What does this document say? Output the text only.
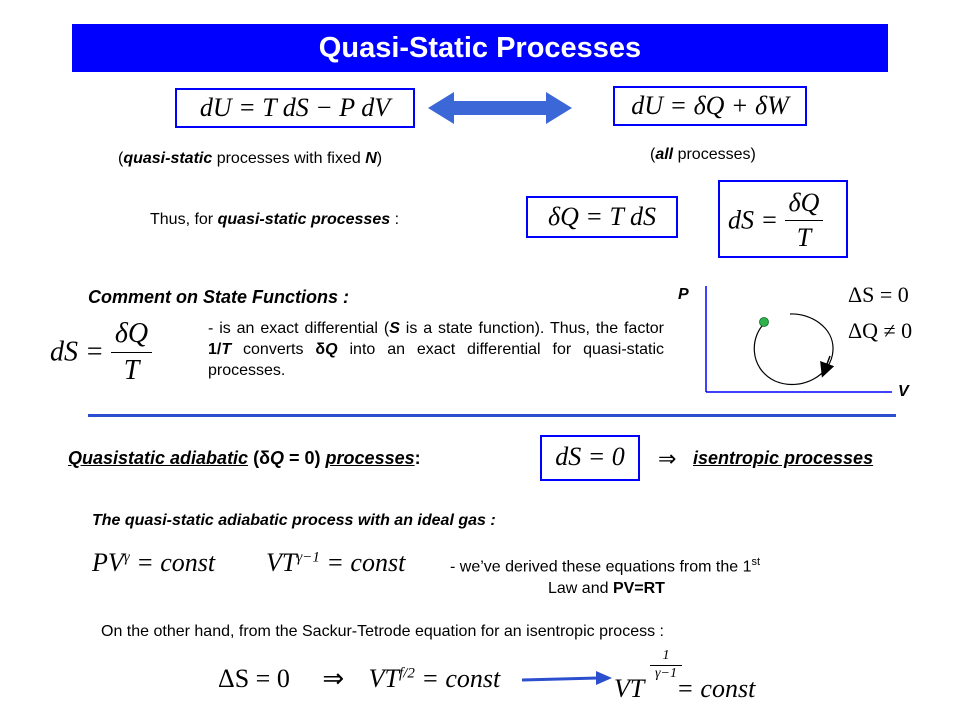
Quasi-Static Processes
dU = T dS − P dV	dU = δQ + δW
(quasi-static processes with fixed N)	(all processes)
Thus, for quasi-static processes :	δQ = T dS	dS = $\frac{\delta Q}{T}$
Comment on State Functions :
dS = $\frac{\delta Q}{T}$	- is an exact differential (S is a state function). Thus, the factor 1/T converts δQ into an exact differential for quasi-static processes.
P
V
ΔS = 0
ΔQ ≠ 0
Quasistatic adiabatic (δQ = 0) processes:	dS = 0	⇒ isentropic processes
The quasi-static adiabatic process with an ideal gas :
$PV^\gamma$ = const $VT^{\gamma-1}$ = const	- we’ve derived these equations from the 1st
Law and PV=RT
On the other hand, from the Sackur-Tetrode equation for an isentropic process :
ΔS = 0 ⇒ $VT^{f/2}$ = const	VT = const
$\frac{1}{\gamma-1}$
